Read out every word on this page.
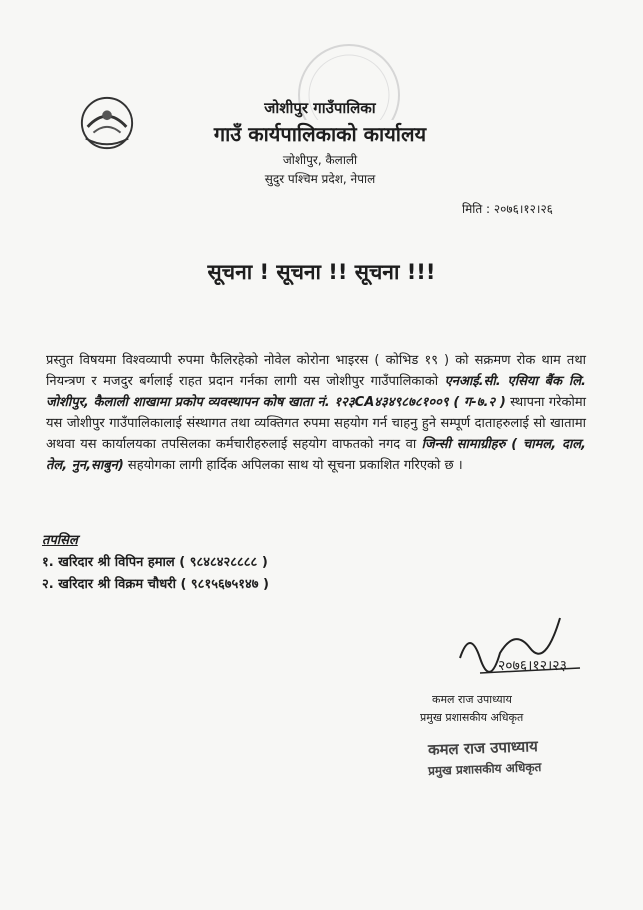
जोशीपुर गाउँपालिका
गाउँ कार्यपालिकाको कार्यालय
जोशीपुर, कैलाली
सुदुर पश्चिम प्रदेश, नेपाल
मिति : २०७६।१२।२६
सूचना ! सूचना !! सूचना !!!
प्रस्तुत विषयमा विश्वव्यापी रुपमा फैलिरहेको नोवेल कोरोना भाइरस ( कोभिड १९ ) को सक्रमण रोक थाम तथा नियन्त्रण र मजदुर बर्गलाई राहत प्रदान गर्नका लागी यस जोशीपुर गाउँपालिकाको एनआई.सी. एसिया बैंक लि. जोशीपुर, कैलाली शाखामा प्रकोप व्यवस्थापन कोष खाता नं. १२३CA४३४९८७८१००९ ( ग-७.२ ) स्थापना गरेकोमा यस जोशीपुर गाउँपालिकालाई संस्थागत तथा व्यक्तिगत रुपमा सहयोग गर्न चाहनु हुने सम्पूर्ण दाताहरुलाई सो खातामा अथवा यस कार्यालयका तपसिलका कर्मचारीहरुलाई सहयोग वाफतको नगद वा जिन्सी सामाग्रीहरु ( चामल, दाल, तेल, नुन,साबुन) सहयोगका लागी हार्दिक अपिलका साथ यो सूचना प्रकाशित गरिएको छ ।
तपसिल
१. खरिदार श्री विपिन हमाल ( ९८४८४२८८८८ )
२. खरिदार श्री विक्रम चौधरी ( ९८१५६७५१४७ )
२०७६।१२।२३
कमल राज उपाध्याय
प्रमुख प्रशासकीय अधिकृत
कमल राज उपाध्याय
प्रमुख प्रशासकीय अधिकृत
